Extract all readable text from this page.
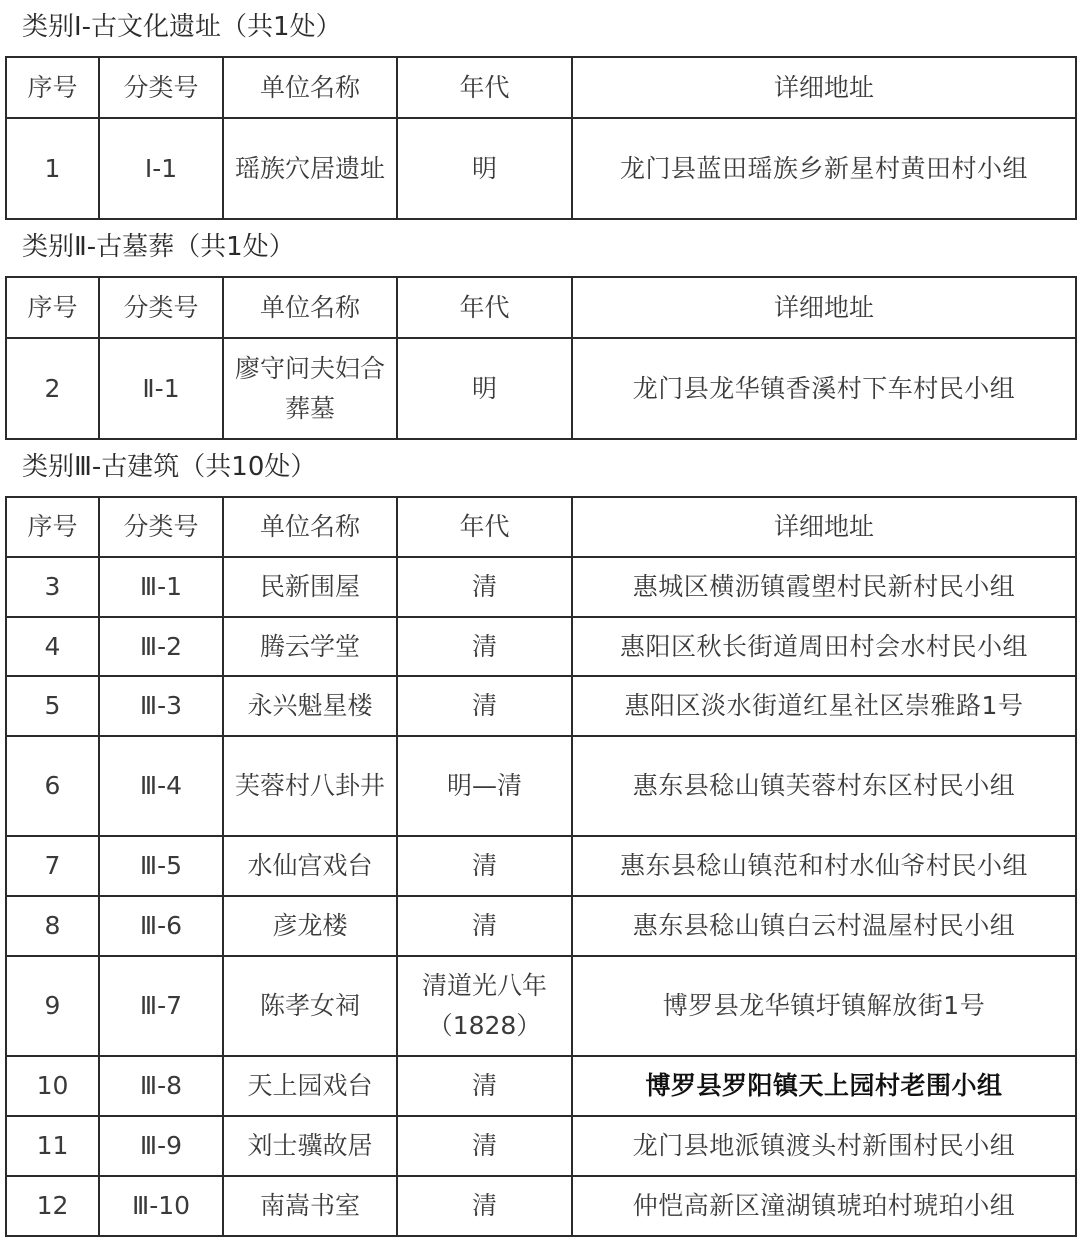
类别Ⅰ-古文化遗址（共1处）
序号	分类号	单位名称	年代	详细地址
1	Ⅰ-1	瑶族穴居遗址	明	龙门县蓝田瑶族乡新星村黄田村小组
类别Ⅱ-古墓葬（共1处）
序号	分类号	单位名称	年代	详细地址
2	Ⅱ-1	廖守问夫妇合葬墓	明	龙门县龙华镇香溪村下车村民小组
类别Ⅲ-古建筑（共10处）
序号	分类号	单位名称	年代	详细地址
3	Ⅲ-1	民新围屋	清	惠城区横沥镇霞塱村民新村民小组
4	Ⅲ-2	腾云学堂	清	惠阳区秋长街道周田村会水村民小组
5	Ⅲ-3	永兴魁星楼	清	惠阳区淡水街道红星社区崇雅路1号
6	Ⅲ-4	芙蓉村八卦井	明—清	惠东县稔山镇芙蓉村东区村民小组
7	Ⅲ-5	水仙宫戏台	清	惠东县稔山镇范和村水仙爷村民小组
8	Ⅲ-6	彦龙楼	清	惠东县稔山镇白云村温屋村民小组
9	Ⅲ-7	陈孝女祠	清道光八年（1828）	博罗县龙华镇圩镇解放街1号
10	Ⅲ-8	天上园戏台	清	博罗县罗阳镇天上园村老围小组
11	Ⅲ-9	刘士骥故居	清	龙门县地派镇渡头村新围村民小组
12	Ⅲ-10	南嵩书室	清	仲恺高新区潼湖镇琥珀村琥珀小组
